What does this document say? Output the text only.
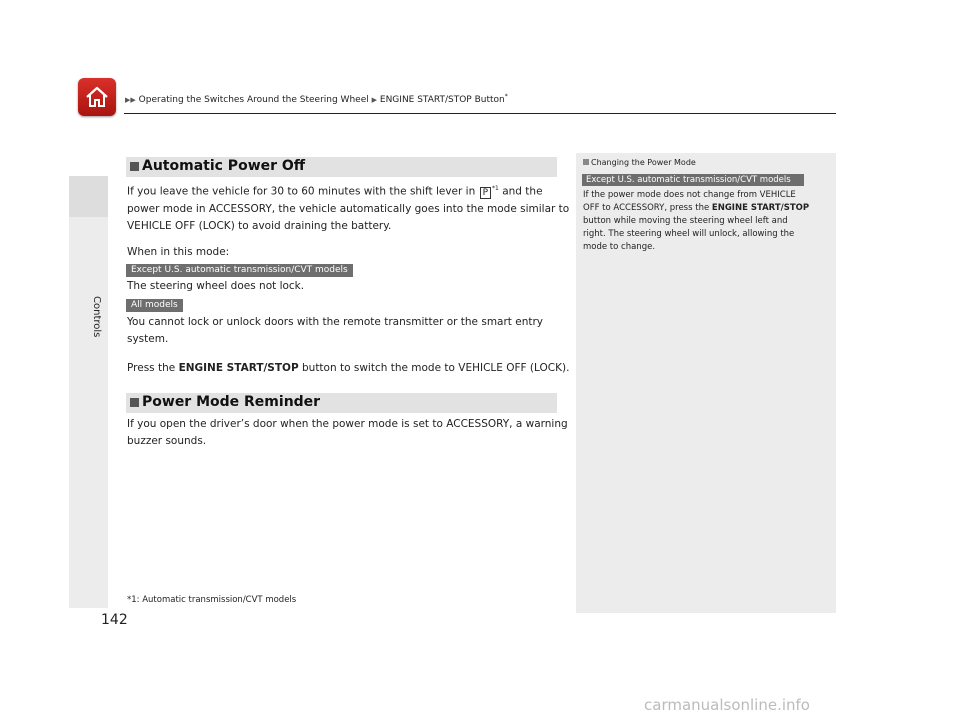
▶▶ Operating the Switches Around the Steering Wheel ▶ ENGINE START/STOP Button*
Controls
Automatic Power Off
If you leave the vehicle for 30 to 60 minutes with the shift lever in P $^{*1}$ and the
power mode in ACCESSORY, the vehicle automatically goes into the mode similar to
VEHICLE OFF (LOCK) to avoid draining the battery.
When in this mode:
Except U.S. automatic transmission/CVT models
The steering wheel does not lock.
All models
You cannot lock or unlock doors with the remote transmitter or the smart entry
system.
Press the ENGINE START/STOP button to switch the mode to VEHICLE OFF (LOCK).
Power Mode Reminder
If you open the driver’s door when the power mode is set to ACCESSORY, a warning
buzzer sounds.
Changing the Power Mode
Except U.S. automatic transmission/CVT models
If the power mode does not change from VEHICLE
OFF to ACCESSORY, press the ENGINE START/STOP
button while moving the steering wheel left and
right. The steering wheel will unlock, allowing the
mode to change.
*1: Automatic transmission/CVT models
142
carmanualsonline.info
